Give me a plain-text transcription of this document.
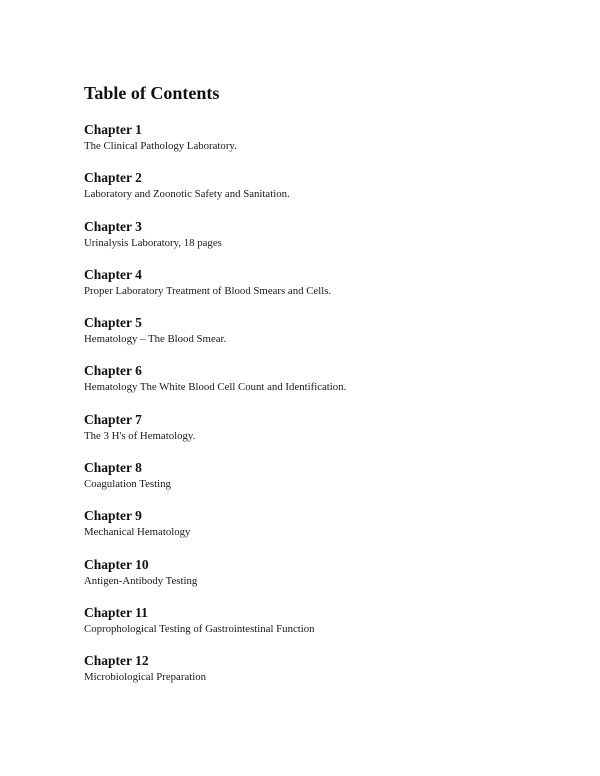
Table of Contents
Chapter 1
The Clinical Pathology Laboratory.
Chapter 2
Laboratory and Zoonotic Safety and Sanitation.
Chapter 3
Urinalysis Laboratory, 18 pages
Chapter 4
Proper Laboratory Treatment of Blood Smears and Cells.
Chapter 5
Hematology – The Blood Smear.
Chapter 6
Hematology The White Blood Cell Count and Identification.
Chapter 7
The 3 H's of Hematology.
Chapter 8
Coagulation Testing
Chapter 9
Mechanical Hematology
Chapter 10
Antigen-Antibody Testing
Chapter 11
Coprophological Testing of Gastrointestinal Function
Chapter 12
Microbiological Preparation
